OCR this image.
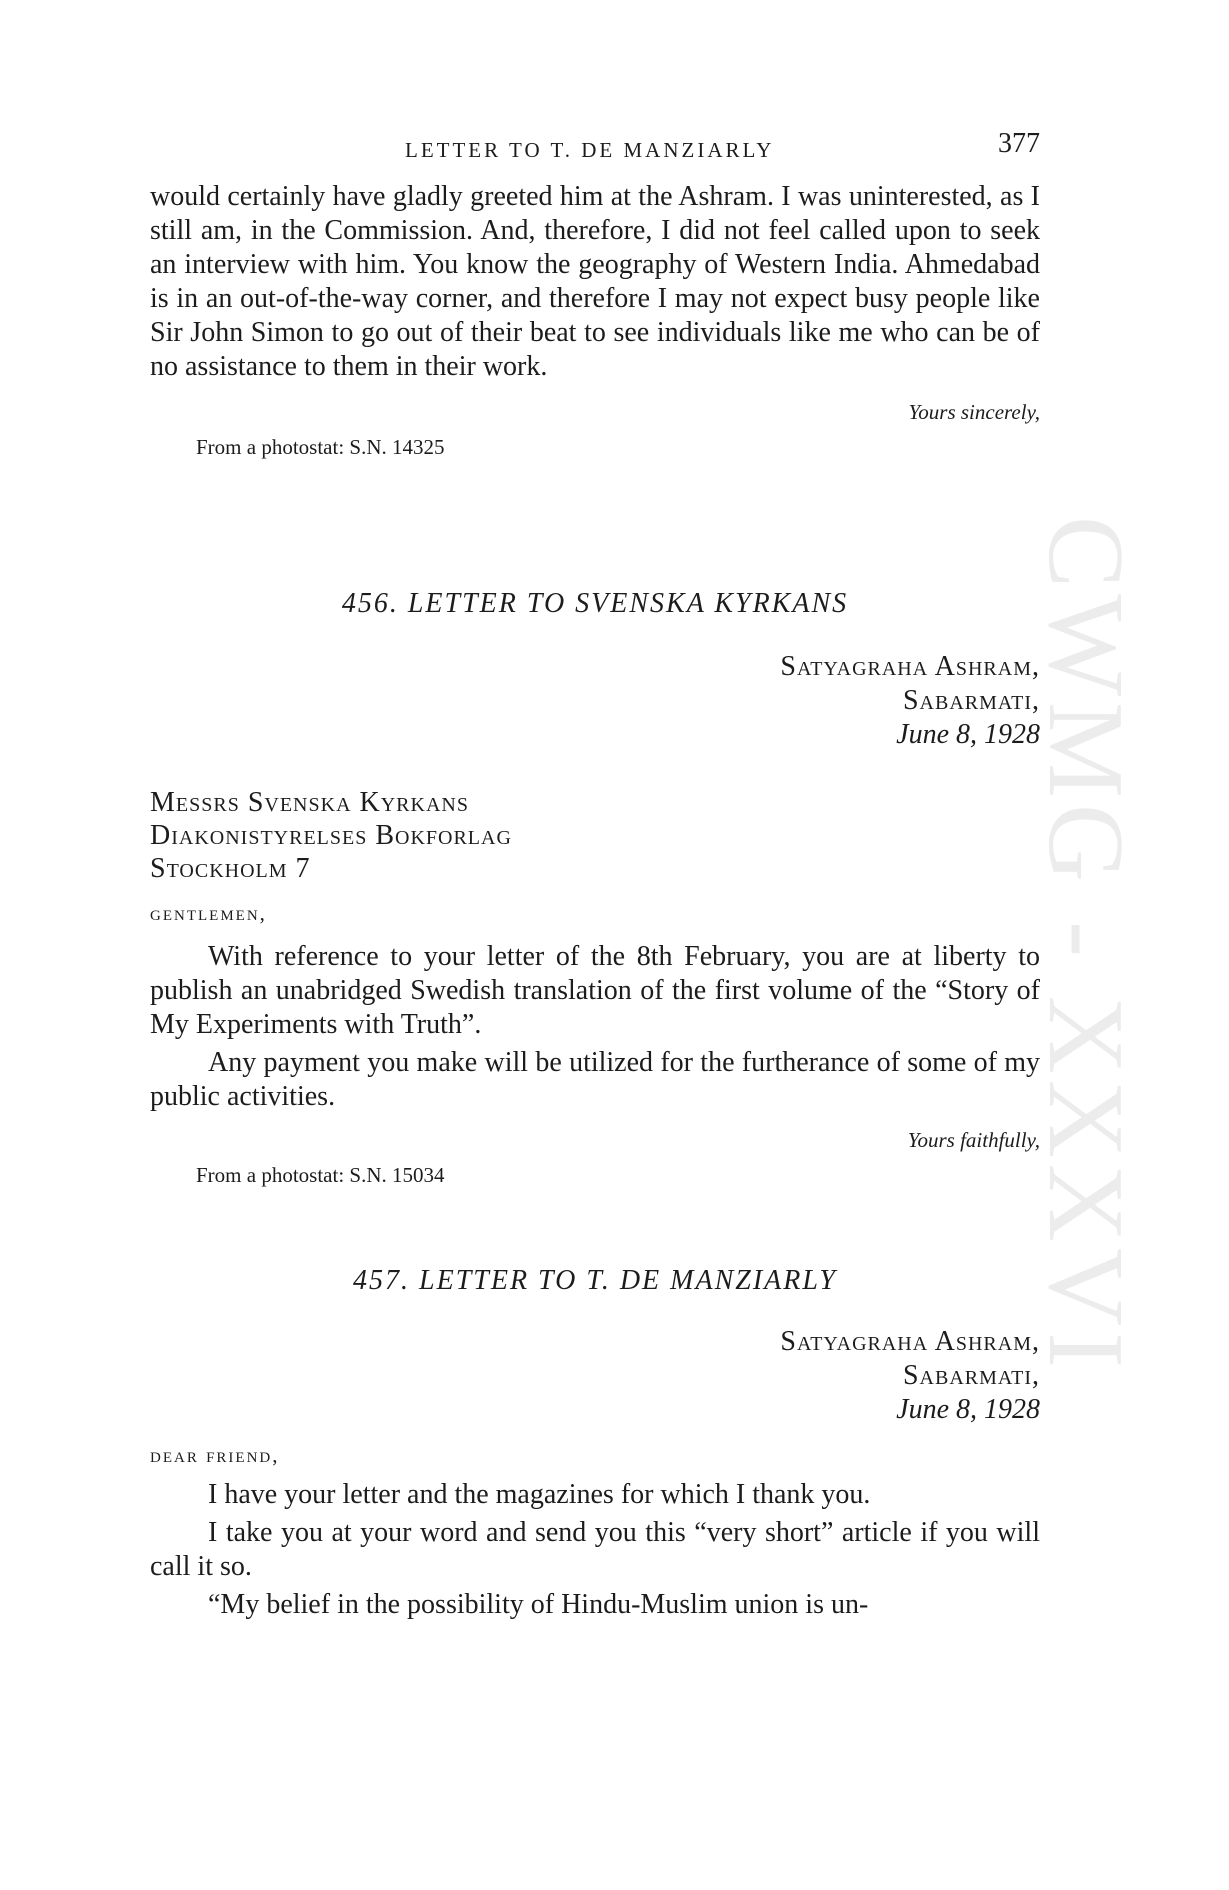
CWMG - XXXVI
LETTER TO T. DE MANZIARLY	377

would certainly have gladly greeted him at the Ashram. I was uninterested, as I still am, in the Commission. And, therefore, I did not feel called upon to seek an interview with him. You know the geography of Western India. Ahmedabad is in an out-of-the-way corner, and therefore I may not expect busy people like Sir John Simon to go out of their beat to see individuals like me who can be of no assistance to them in their work.

Yours sincerely,

From a photostat: S.N. 14325

456. LETTER TO SVENSKA KYRKANS
Satyagraha Ashram,
Sabarmati,
June 8, 1928
Messrs Svenska Kyrkans
Diakonistyrelses Bokforlag
Stockholm 7

gentlemen,

With reference to your letter of the 8th February, you are at liberty to publish an unabridged Swedish translation of the first volume of the “Story of My Experiments with Truth”.

Any payment you make will be utilized for the furtherance of some of my public activities.

Yours faithfully,

From a photostat: S.N. 15034

457. LETTER TO T. DE MANZIARLY
Satyagraha Ashram,
Sabarmati,
June 8, 1928

dear friend,

I have your letter and the magazines for which I thank you.

I take you at your word and send you this “very short” article if you will call it so.

“My belief in the possibility of Hindu-Muslim union is un-
